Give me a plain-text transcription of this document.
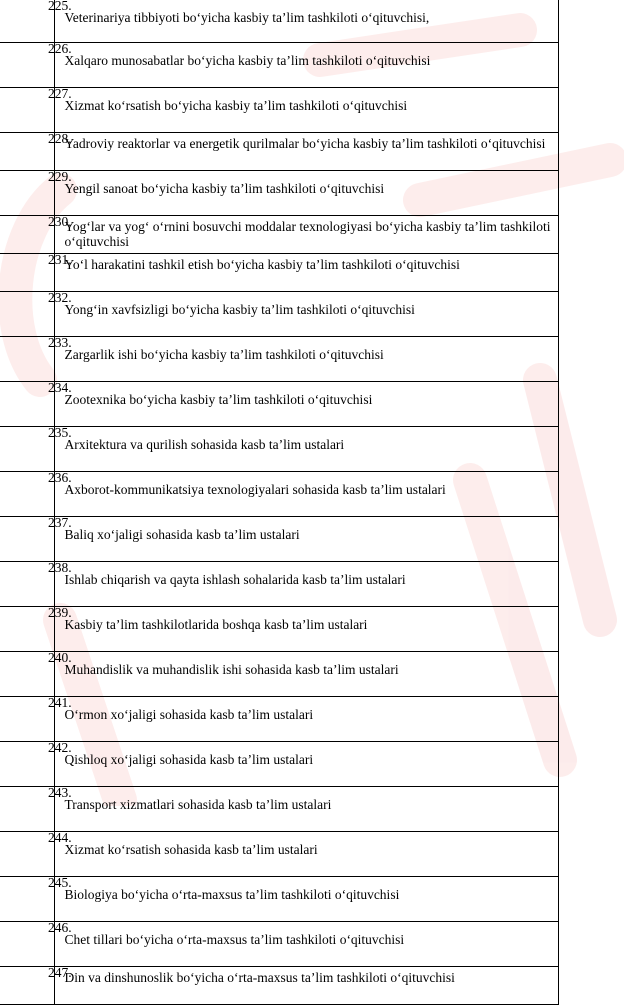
225.	Veterinariya tibbiyoti bo‘yicha kasbiy ta’lim tashkiloti o‘qituvchisi,	
226.	Xalqaro munosabatlar bo‘yicha kasbiy ta’lim tashkiloti o‘qituvchisi	
227.	Xizmat ko‘rsatish bo‘yicha kasbiy ta’lim tashkiloti o‘qituvchisi	
228.	Yadroviy reaktorlar va energetik qurilmalar bo‘yicha kasbiy ta’lim tashkiloti o‘qituvchisi	
229.	Yengil sanoat bo‘yicha kasbiy ta’lim tashkiloti o‘qituvchisi	
230.	Yog‘lar va yog‘ o‘rnini bosuvchi moddalar texnologiyasi bo‘yicha kasbiy ta’lim tashkiloti o‘qituvchisi	
231.	Yo‘l harakatini tashkil etish bo‘yicha kasbiy ta’lim tashkiloti o‘qituvchisi	
232.	Yong‘in xavfsizligi bo‘yicha kasbiy ta’lim tashkiloti o‘qituvchisi	
233.	Zargarlik ishi bo‘yicha kasbiy ta’lim tashkiloti o‘qituvchisi	
234.	Zootexnika bo‘yicha kasbiy ta’lim tashkiloti o‘qituvchisi	
235.	Arxitektura va qurilish sohasida kasb ta’lim ustalari	
236.	Axborot-kommunikatsiya texnologiyalari sohasida kasb ta’lim ustalari	
237.	Baliq xo‘jaligi sohasida kasb ta’lim ustalari	
238.	Ishlab chiqarish va qayta ishlash sohalarida kasb ta’lim ustalari	
239.	Kasbiy ta’lim tashkilotlarida boshqa kasb ta’lim ustalari	
240.	Muhandislik va muhandislik ishi sohasida kasb ta’lim ustalari	
241.	O‘rmon xo‘jaligi sohasida kasb ta’lim ustalari	
242.	Qishloq xo‘jaligi sohasida kasb ta’lim ustalari	
243.	Transport xizmatlari sohasida kasb ta’lim ustalari	
244.	Xizmat ko‘rsatish sohasida kasb ta’lim ustalari	
245.	Biologiya bo‘yicha o‘rta-maxsus ta’lim tashkiloti o‘qituvchisi	
246.	Chet tillari bo‘yicha o‘rta-maxsus ta’lim tashkiloti o‘qituvchisi	
247.	Din va dinshunoslik bo‘yicha o‘rta-maxsus ta’lim tashkiloti o‘qituvchisi	
